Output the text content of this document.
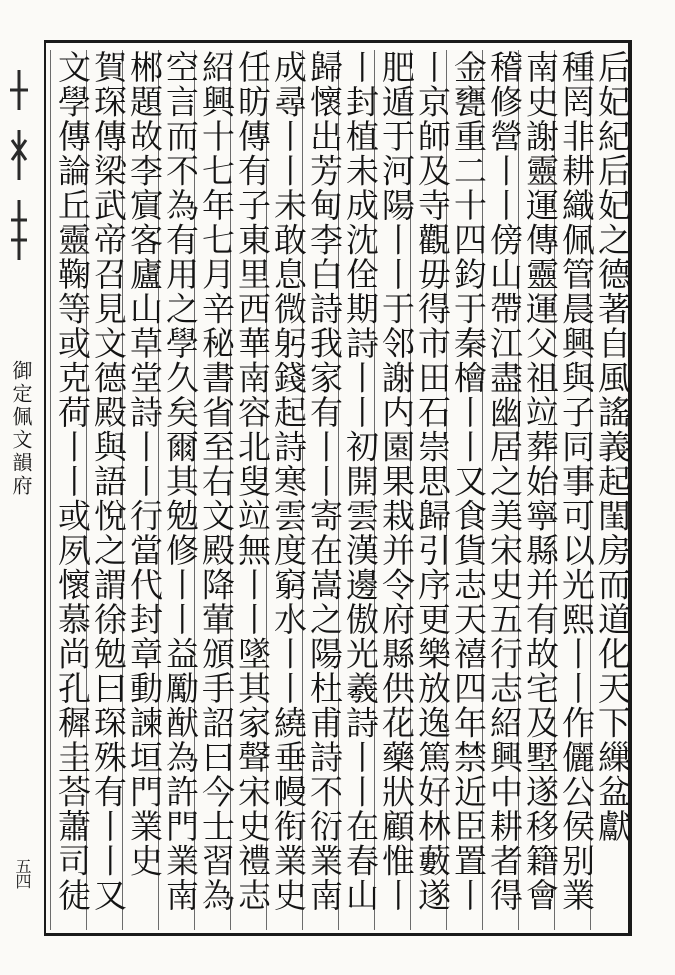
御定佩文韻府
五四
后妃紀后妃之德著自風謠義起閨房而道化天下繅盆獻
種罔非耕織佩管晨興與子同事可以光熙丨丨作儷公侯别業
南史謝靈運傳靈運父祖竝葬始寧縣并有故宅及墅遂移籍會
稽修營丨丨傍山帶江盡幽居之美宋史五行志紹興中耕者得
金甕重二十四鈞于秦檜丨丨又食貨志天禧四年禁近臣置丨
丨京師及寺觀毋得市田石崇思歸引序更樂放逸篤好林藪遂
肥遁于河陽丨丨于邻謝内園果栽并令府縣供花藥狀顧惟丨
丨封植未成沈佺期詩丨丨初開雲漢邊傲光羲詩丨丨在春山
歸懷出芳甸李白詩我家有丨丨寄在嵩之陽杜甫詩不衍業南
成尋丨丨未敢息微躬錢起詩寒雲度窮水丨丨繞垂幔衔業史
任昉傳有子東里西華南容北叟竝無丨丨墜其家聲宋史禮志
紹興十七年七月辛秘書省至右文殿降葷頒手詔曰今士習為
空言而不為有用之學久矣爾其勉修丨丨益勵猷為許門業南
郴題故李賔客廬山草堂詩丨丨行當代封章動諫垣門業史
賀琛傳梁武帝召見文德殿與語悅之謂徐勉曰琛殊有丨丨又
文學傳論丘靈鞠等或克荷丨丨或夙懷慕尚孔穉圭荅蕭司徒
